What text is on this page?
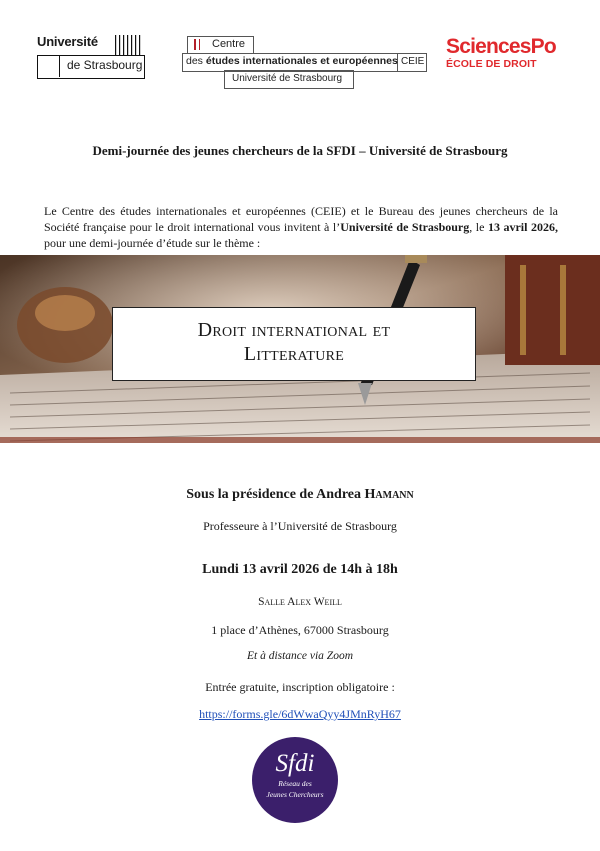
Université
de Strasbourg
Centre
des études internationales et européennes CEIE
Université de Strasbourg
SciencesPo
ÉCOLE DE DROIT
Demi-journée des jeunes chercheurs de la SFDI – Université de Strasbourg
Le Centre des études internationales et européennes (CEIE) et le Bureau des jeunes chercheurs de la Société française pour le droit international vous invitent à l’Université de Strasbourg, le 13 avril 2026, pour une demi-journée d’étude sur le thème :
Droit international et
Litterature
Sous la présidence de Andrea Hamann
Professeure à l’Université de Strasbourg
Lundi 13 avril 2026 de 14h à 18h
Salle Alex Weill
1 place d’Athènes, 67000 Strasbourg
Et à distance via Zoom
Entrée gratuite, inscription obligatoire :
https://forms.gle/6dWwaQyy4JMnRyH67
Sfdi
Réseau des
Jeunes Chercheurs
